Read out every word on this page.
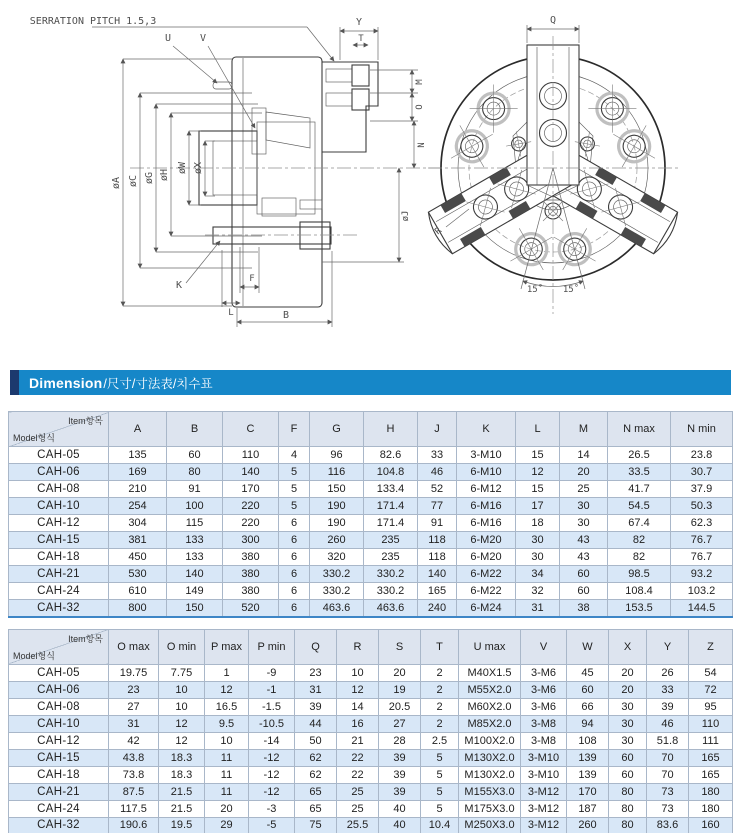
øA øC øG øH
øW øX
SERRATION PITCH 1.5,3
U	V
Y
T
M
O
N
øJ
K
F
L	B
Q
R
15˚ 15˚
Dimension /尺寸/寸法表/치수표
Item항목
Model형식	A	B	C	F	G	H	J	K	L	M	N max	N min
CAH-05	135	60	110	4	96	82.6	33	3-M10	15	14	26.5	23.8
CAH-06	169	80	140	5	116	104.8	46	6-M10	12	20	33.5	30.7
CAH-08	210	91	170	5	150	133.4	52	6-M12	15	25	41.7	37.9
CAH-10	254	100	220	5	190	171.4	77	6-M16	17	30	54.5	50.3
CAH-12	304	115	220	6	190	171.4	91	6-M16	18	30	67.4	62.3
CAH-15	381	133	300	6	260	235	118	6-M20	30	43	82	76.7
CAH-18	450	133	380	6	320	235	118	6-M20	30	43	82	76.7
CAH-21	530	140	380	6	330.2	330.2	140	6-M22	34	60	98.5	93.2
CAH-24	610	149	380	6	330.2	330.2	165	6-M22	32	60	108.4	103.2
CAH-32	800	150	520	6	463.6	463.6	240	6-M24	31	38	153.5	144.5
Item항목
Model형식	O max	O min	P max	P min	Q	R	S	T	U max	V	W	X	Y	Z
CAH-05	19.75	7.75	1	-9	23	10	20	2	M40X1.5	3-M6	45	20	26	54
CAH-06	23	10	12	-1	31	12	19	2	M55X2.0	3-M6	60	20	33	72
CAH-08	27	10	16.5	-1.5	39	14	20.5	2	M60X2.0	3-M6	66	30	39	95
CAH-10	31	12	9.5	-10.5	44	16	27	2	M85X2.0	3-M8	94	30	46	110
CAH-12	42	12	10	-14	50	21	28	2.5	M100X2.0	3-M8	108	30	51.8	111
CAH-15	43.8	18.3	11	-12	62	22	39	5	M130X2.0	3-M10	139	60	70	165
CAH-18	73.8	18.3	11	-12	62	22	39	5	M130X2.0	3-M10	139	60	70	165
CAH-21	87.5	21.5	11	-12	65	25	39	5	M155X3.0	3-M12	170	80	73	180
CAH-24	117.5	21.5	20	-3	65	25	40	5	M175X3.0	3-M12	187	80	73	180
CAH-32	190.6	19.5	29	-5	75	25.5	40	10.4	M250X3.0	3-M12	260	80	83.6	160
